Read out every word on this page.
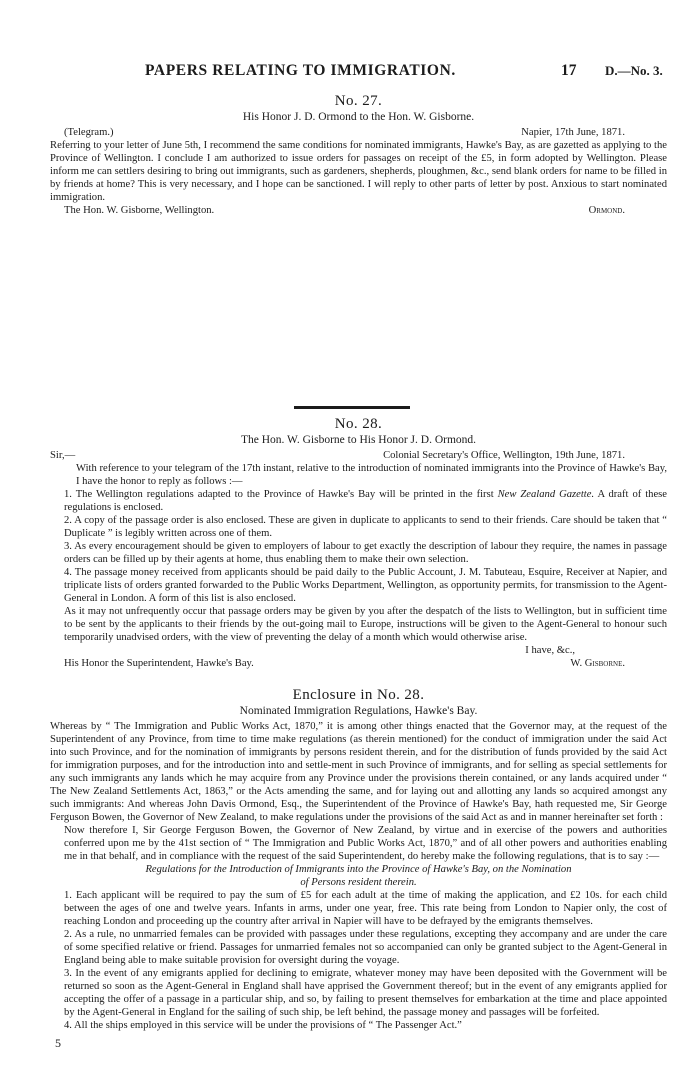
PAPERS RELATING TO IMMIGRATION.	17 D.—No. 3.
No. 27.
His Honor J. D. Ormond to the Hon. W. Gisborne.
(Telegram.)	Napier, 17th June, 1871.

Referring to your letter of June 5th, I recommend the same conditions for nominated immigrants, Hawke's Bay, as are gazetted as applying to the Province of Wellington. I conclude I am authorized to issue orders for passages on receipt of the £5, in form adopted by Wellington. Please inform me can settlers desiring to bring out immigrants, such as gardeners, shepherds, ploughmen, &c., send blank orders for name to be filled in by friends at home? This is very necessary, and I hope can be sanctioned. I will reply to other parts of letter by post. Anxious to start nominated immigration.

The Hon. W. Gisborne, Wellington.	Ormond.
No. 28.
The Hon. W. Gisborne to His Honor J. D. Ormond.
Sir,—	Colonial Secretary's Office, Wellington, 19th June, 1871.

With reference to your telegram of the 17th instant, relative to the introduction of nominated immigrants into the Province of Hawke's Bay, I have the honor to reply as follows :—

1. The Wellington regulations adapted to the Province of Hawke's Bay will be printed in the first New Zealand Gazette. A draft of these regulations is enclosed.

2. A copy of the passage order is also enclosed. These are given in duplicate to applicants to send to their friends. Care should be taken that “ Duplicate ” is legibly written across one of them.

3. As every encouragement should be given to employers of labour to get exactly the description of labour they require, the names in passage orders can be filled up by their agents at home, thus enabling them to make their own selection.

4. The passage money received from applicants should be paid daily to the Public Account, J. M. Tabuteau, Esquire, Receiver at Napier, and triplicate lists of orders granted forwarded to the Public Works Department, Wellington, as opportunity permits, for transmission to the Agent-General in London. A form of this list is also enclosed.

As it may not unfrequently occur that passage orders may be given by you after the despatch of the lists to Wellington, but in sufficient time to be sent by the applicants to their friends by the out-going mail to Europe, instructions will be given to the Agent-General to honour such temporarily unadvised orders, with the view of preventing the delay of a month which would otherwise arise.

I have, &c.,
His Honor the Superintendent, Hawke's Bay.	W. Gisborne.
Enclosure in No. 28.
Nominated Immigration Regulations, Hawke's Bay.

Whereas by “ The Immigration and Public Works Act, 1870,” it is among other things enacted that the Governor may, at the request of the Superintendent of any Province, from time to time make regulations (as therein mentioned) for the conduct of immigration under the said Act into such Province, and for the nomination of immigrants by persons resident therein, and for the distribution of funds provided by the said Act for immigration purposes, and for the introduction into and settle-ment in such Province of immigrants, and for selling as special settlements for any such immigrants any lands which he may acquire from any Province under the provisions therein contained, or any lands acquired under “ The New Zealand Settlements Act, 1863,” or the Acts amending the same, and for laying out and allotting any lands so acquired amongst any such immigrants: And whereas John Davis Ormond, Esq., the Superintendent of the Province of Hawke's Bay, hath requested me, Sir George Ferguson Bowen, the Governor of New Zealand, to make regulations under the provisions of the said Act as and in manner hereinafter set forth :

Now therefore I, Sir George Ferguson Bowen, the Governor of New Zealand, by virtue and in exercise of the powers and authorities conferred upon me by the 41st section of “ The Immigration and Public Works Act, 1870,” and of all other powers and authorities enabling me in that behalf, and in compliance with the request of the said Superintendent, do hereby make the following regulations, that is to say :—

Regulations for the Introduction of Immigrants into the Province of Hawke's Bay, on the Nomination
of Persons resident therein.

1. Each applicant will be required to pay the sum of £5 for each adult at the time of making the application, and £2 10s. for each child between the ages of one and twelve years. Infants in arms, under one year, free. This rate being from London to Napier only, the cost of reaching London and proceeding up the country after arrival in Napier will have to be defrayed by the emigrants themselves.

2. As a rule, no unmarried females can be provided with passages under these regulations, excepting they accompany and are under the care of some specified relative or friend. Passages for unmarried females not so accompanied can only be granted subject to the Agent-General in England being able to make suitable provision for oversight during the voyage.

3. In the event of any emigrants applied for declining to emigrate, whatever money may have been deposited with the Government will be returned so soon as the Agent-General in England shall have apprised the Government thereof; but in the event of any emigrants applied for accepting the offer of a passage in a particular ship, and so, by failing to present themselves for embarkation at the time and place appointed by the Agent-General in England for the sailing of such ship, be left behind, the passage money and passages will be forfeited.

4. All the ships employed in this service will be under the provisions of “ The Passenger Act.”

5
